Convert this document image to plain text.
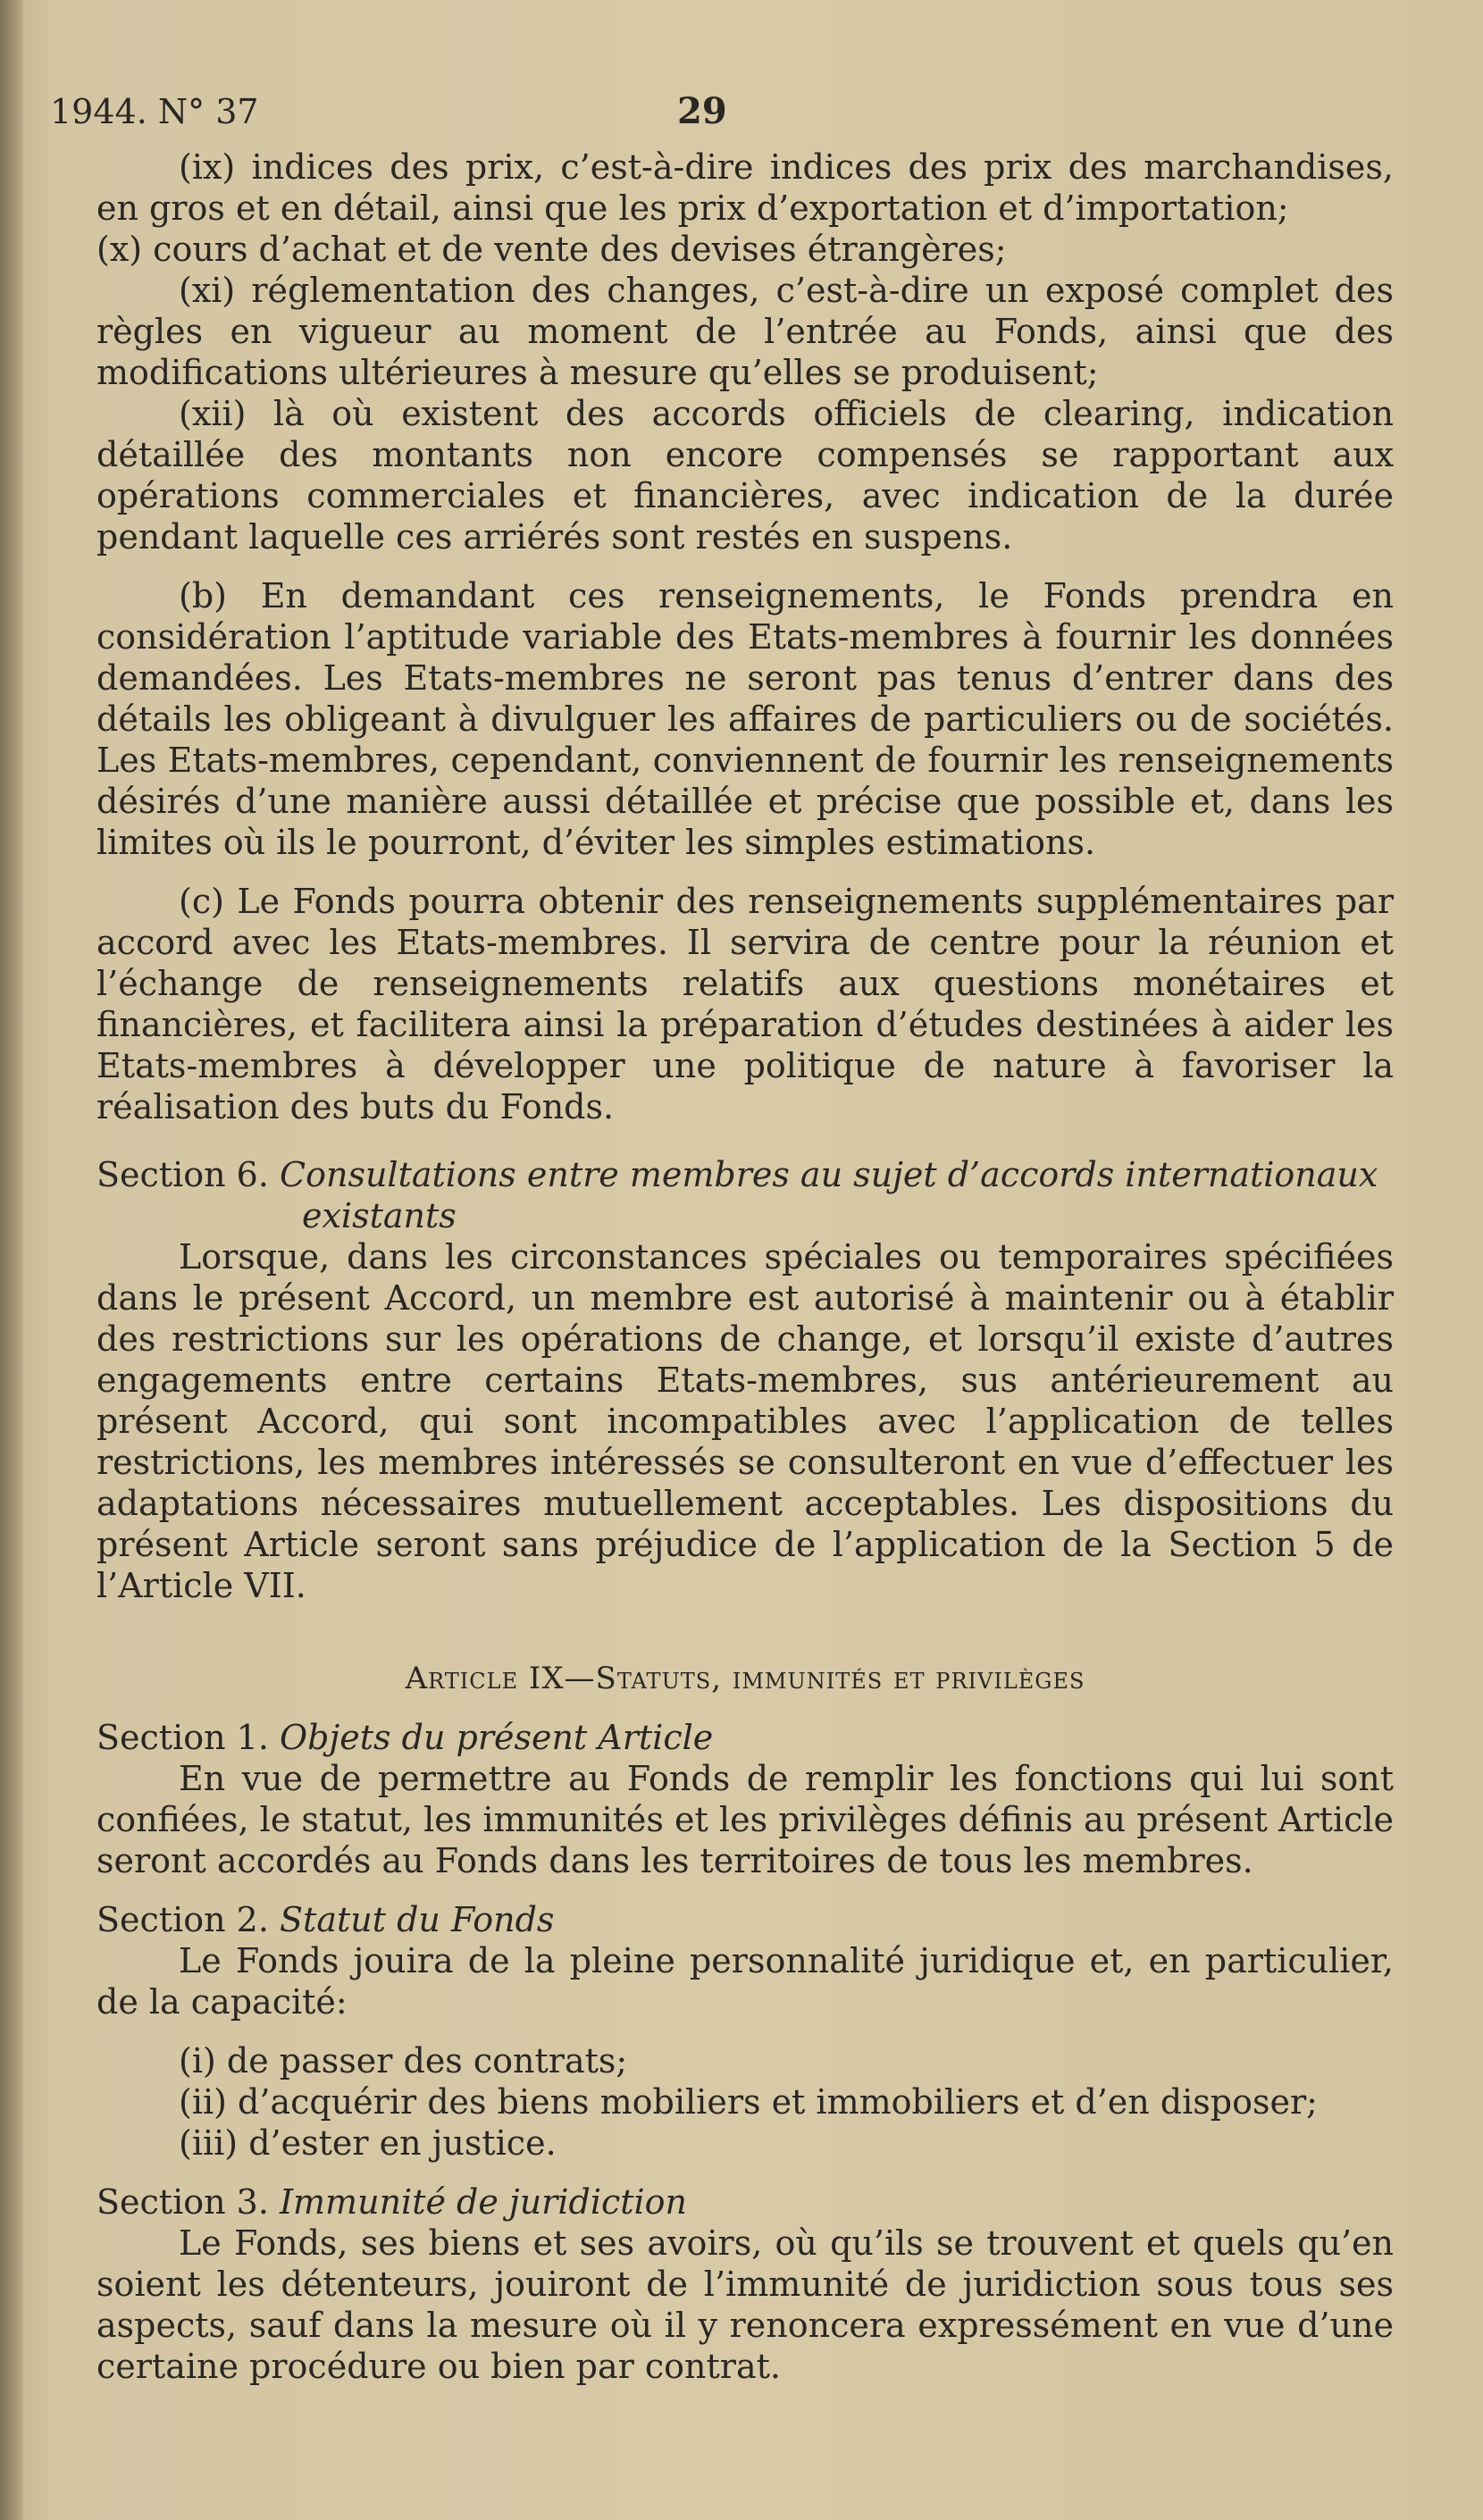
1944. N° 37	29

(ix) indices des prix, c’est-à-dire indices des prix des marchandises, en gros et en détail, ainsi que les prix d’exportation et d’importation;

(x) cours d’achat et de vente des devises étrangères;

(xi) réglementation des changes, c’est-à-dire un exposé complet des règles en vigueur au moment de l’entrée au Fonds, ainsi que des modifications ultérieures à mesure qu’elles se produisent;

(xii) là où existent des accords officiels de clearing, indication détaillée des montants non encore compensés se rapportant aux opérations commerciales et financières, avec indication de la durée pendant laquelle ces arriérés sont restés en suspens.

(b) En demandant ces renseignements, le Fonds prendra en considération l’aptitude variable des Etats-membres à fournir les données demandées. Les Etats-membres ne seront pas tenus d’entrer dans des détails les obligeant à divulguer les affaires de particuliers ou de sociétés. Les Etats-membres, cependant, conviennent de fournir les renseignements désirés d’une manière aussi détaillée et précise que possible et, dans les limites où ils le pourront, d’éviter les simples estimations.

(c) Le Fonds pourra obtenir des renseignements supplémentaires par accord avec les Etats-membres. Il servira de centre pour la réunion et l’échange de renseignements relatifs aux questions monétaires et financières, et facilitera ainsi la préparation d’études destinées à aider les Etats-membres à développer une politique de nature à favoriser la réalisation des buts du Fonds.

Section 6. Consultations entre membres au sujet d’accords internationaux

existants

Lorsque, dans les circonstances spéciales ou temporaires spécifiées dans le présent Accord, un membre est autorisé à maintenir ou à établir des restrictions sur les opérations de change, et lorsqu’il existe d’autres engagements entre certains Etats-membres, sus antérieurement au présent Accord, qui sont incompatibles avec l’application de telles restrictions, les membres intéressés se consulteront en vue d’effectuer les adaptations nécessaires mutuellement acceptables. Les dispositions du présent Article seront sans préjudice de l’application de la Section 5 de l’Article VII.

Article IX—Statuts, immunités et privilèges

Section 1. Objets du présent Article

En vue de permettre au Fonds de remplir les fonctions qui lui sont confiées, le statut, les immunités et les privilèges définis au présent Article seront accordés au Fonds dans les territoires de tous les membres.

Section 2. Statut du Fonds

Le Fonds jouira de la pleine personnalité juridique et, en particulier, de la capacité:

(i) de passer des contrats;

(ii) d’acquérir des biens mobiliers et immobiliers et d’en disposer;

(iii) d’ester en justice.

Section 3. Immunité de juridiction

Le Fonds, ses biens et ses avoirs, où qu’ils se trouvent et quels qu’en soient les détenteurs, jouiront de l’immunité de juridiction sous tous ses aspects, sauf dans la mesure où il y renoncera expressément en vue d’une certaine procédure ou bien par contrat.
